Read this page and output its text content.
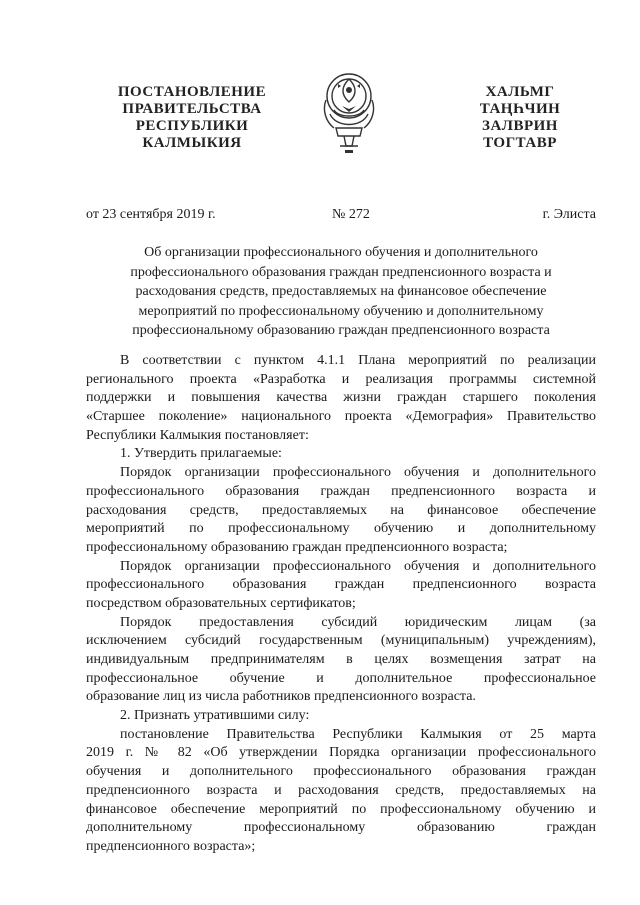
ПОСТАНОВЛЕНИЕ
ПРАВИТЕЛЬСТВА
РЕСПУБЛИКИ
КАЛМЫКИЯ
ХАЛЬМГ
ТАҢҺЧИН
ЗАЛВРИН
ТОГТАВР
от 23 сентября 2019 г.	№ 272	г. Элиста
Об организации профессионального обучения и дополнительного
профессионального образования граждан предпенсионного возраста и
расходования средств, предоставляемых на финансовое обеспечение
мероприятий по профессиональному обучению и дополнительному
профессиональному образованию граждан предпенсионного возраста
В соответствии с пунктом 4.1.1 Плана мероприятий по реализации
регионального проекта «Разработка и реализация программы системной
поддержки и повышения качества жизни граждан старшего поколения
«Старшее поколение» национального проекта «Демография» Правительство
Республики Калмыкия постановляет:
1. Утвердить прилагаемые:
Порядок организации профессионального обучения и дополнительного
профессионального образования граждан предпенсионного возраста и
расходования средств, предоставляемых на финансовое обеспечение
мероприятий по профессиональному обучению и дополнительному
профессиональному образованию граждан предпенсионного возраста;
Порядок организации профессионального обучения и дополнительного
профессионального образования граждан предпенсионного возраста
посредством образовательных сертификатов;
Порядок предоставления субсидий юридическим лицам (за
исключением субсидий государственным (муниципальным) учреждениям),
индивидуальным предпринимателям в целях возмещения затрат на
профессиональное обучение и дополнительное профессиональное
образование лиц из числа работников предпенсионного возраста.
2. Признать утратившими силу:
постановление Правительства Республики Калмыкия от 25 марта
2019 г. № 82 «Об утверждении Порядка организации профессионального
обучения и дополнительного профессионального образования граждан
предпенсионного возраста и расходования средств, предоставляемых на
финансовое обеспечение мероприятий по профессиональному обучению и
дополнительному профессиональному образованию граждан
предпенсионного возраста»;
